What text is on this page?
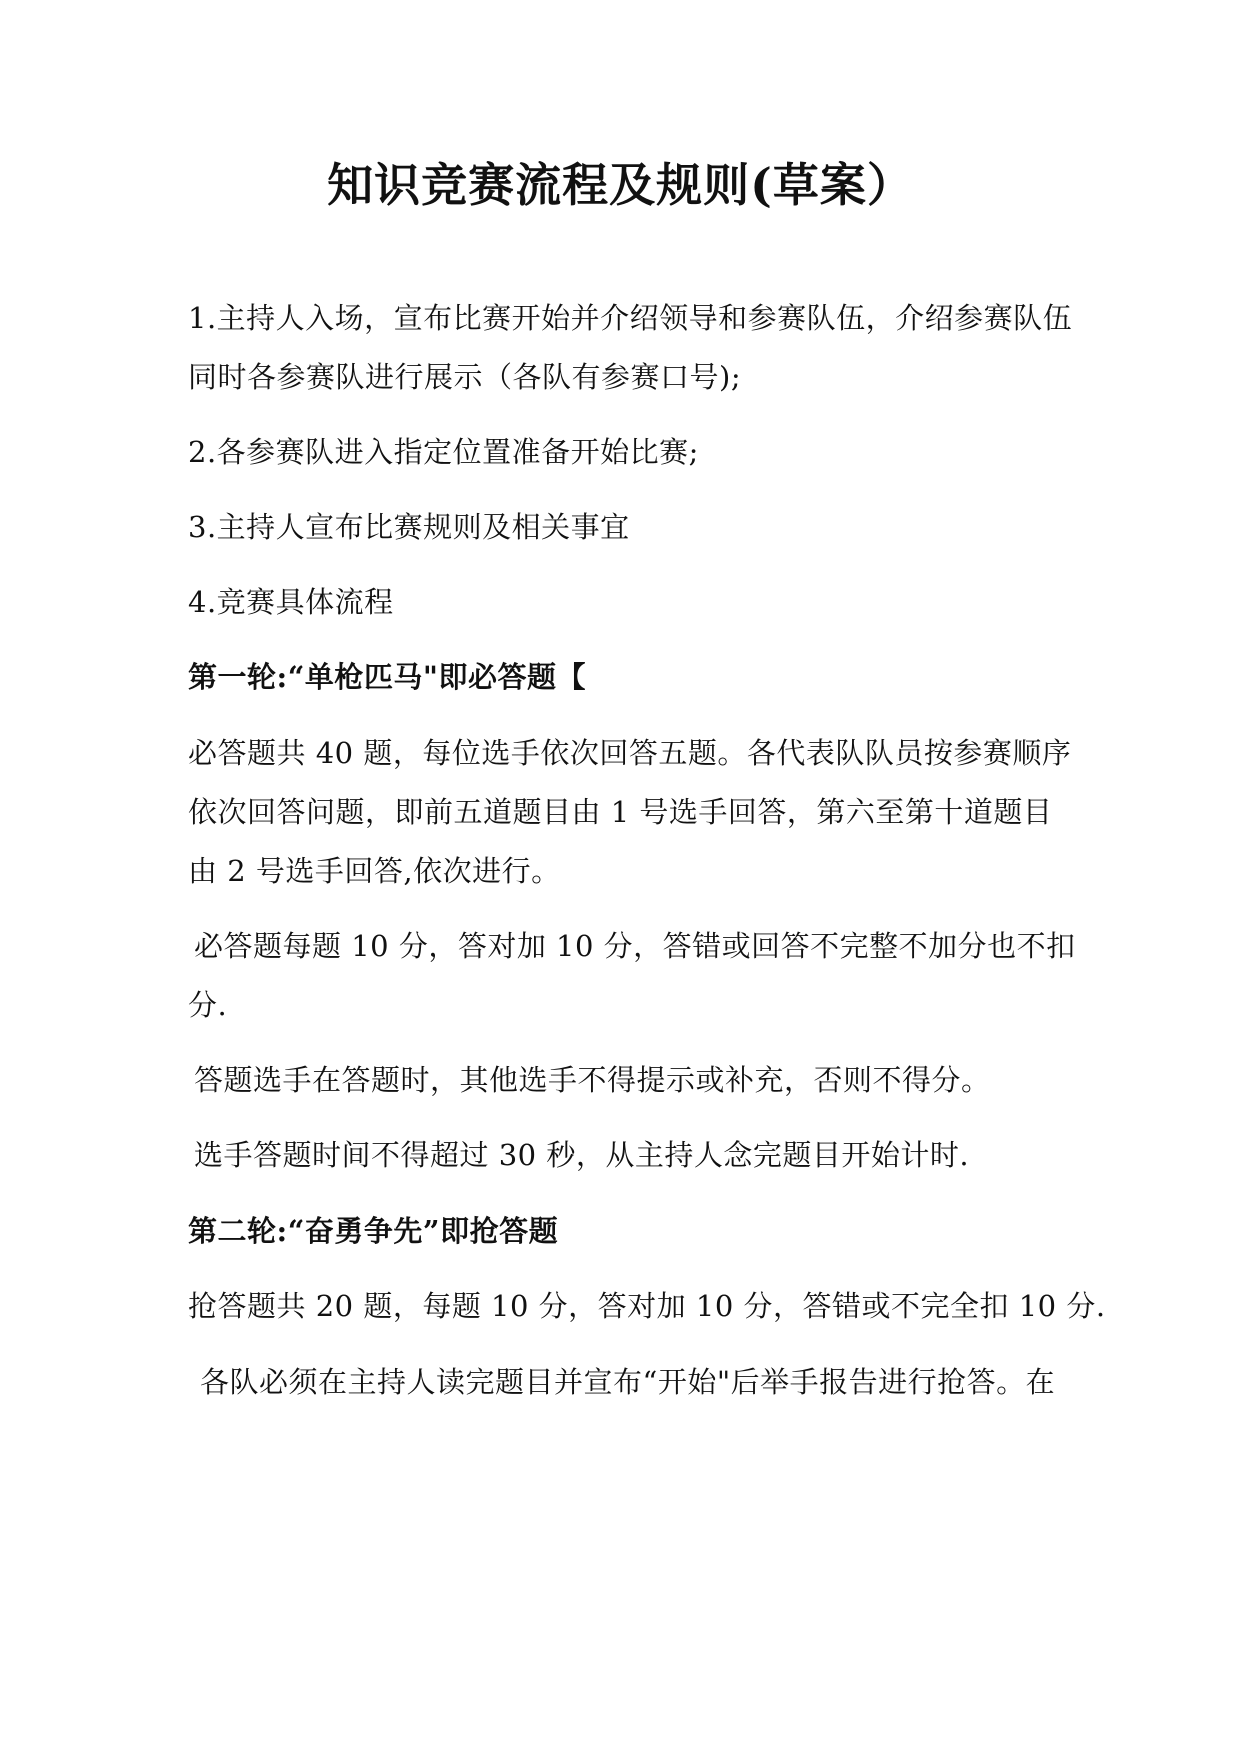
知识竞赛流程及规则(草案）
1.主持人入场，宣布比赛开始并介绍领导和参赛队伍，介绍参赛队伍
同时各参赛队进行展示（各队有参赛口号);
2.各参赛队进入指定位置准备开始比赛;
3.主持人宣布比赛规则及相关事宜
4.竞赛具体流程
第一轮:“单枪匹马"即必答题【
必答题共 40 题，每位选手依次回答五题。各代表队队员按参赛顺序
依次回答问题，即前五道题目由 1 号选手回答，第六至第十道题目
由 2 号选手回答,依次进行。
必答题每题 10 分，答对加 10 分，答错或回答不完整不加分也不扣
分.
答题选手在答题时，其他选手不得提示或补充，否则不得分。
选手答题时间不得超过 30 秒，从主持人念完题目开始计时.
第二轮:“奋勇争先”即抢答题
抢答题共 20 题，每题 10 分，答对加 10 分，答错或不完全扣 10 分.
各队必须在主持人读完题目并宣布“开始"后举手报告进行抢答。在
